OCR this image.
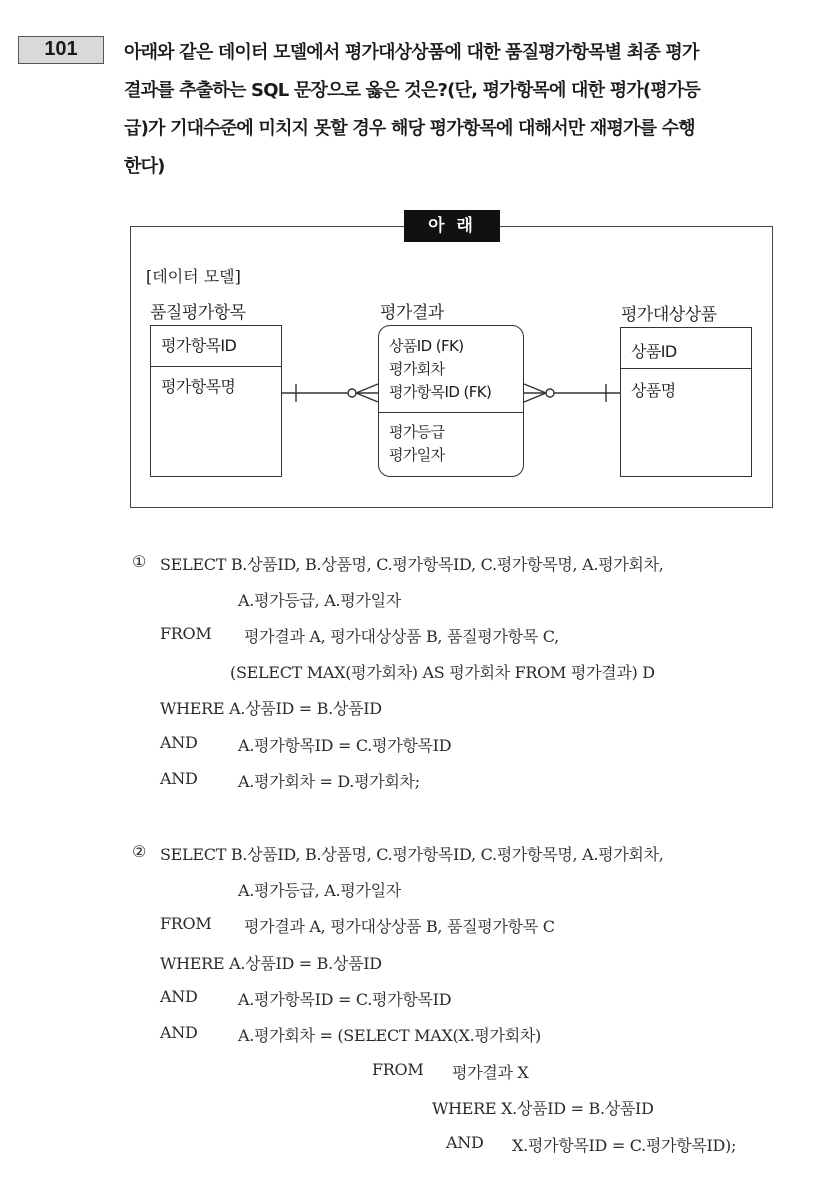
101	아래와 같은 데이터 모델에서 평가대상상품에 대한 품질평가항목별 최종 평가
결과를 추출하는 SQL 문장으로 옳은 것은?(단, 평가항목에 대한 평가(평가등
급)가 기대수준에 미치지 못할 경우 해당 평가항목에 대해서만 재평가를 수행
한다)
아 래
[데이터 모델]
품질평가항목
평가항목ID
평가항목명
평가결과
상품ID (FK)
평가회차
평가항목ID (FK)
평가등급
평가일자
평가대상상품
상품ID
상품명
① SELECT B.상품ID, B.상품명, C.평가항목ID, C.평가항목명, A.평가회차,
A.평가등급, A.평가일자
FROM 평가결과 A, 평가대상상품 B, 품질평가항목 C,
(SELECT MAX(평가회차) AS 평가회차 FROM 평가결과) D
WHERE A.상품ID = B.상품ID
AND	A.평가항목ID = C.평가항목ID
AND	A.평가회차 = D.평가회차;
② SELECT B.상품ID, B.상품명, C.평가항목ID, C.평가항목명, A.평가회차,
A.평가등급, A.평가일자
FROM 평가결과 A, 평가대상상품 B, 품질평가항목 C
WHERE A.상품ID = B.상품ID
AND	A.평가항목ID = C.평가항목ID
AND	A.평가회차 = (SELECT MAX(X.평가회차)
FROM 평가결과 X
WHERE X.상품ID = B.상품ID
AND X.평가항목ID = C.평가항목ID);
